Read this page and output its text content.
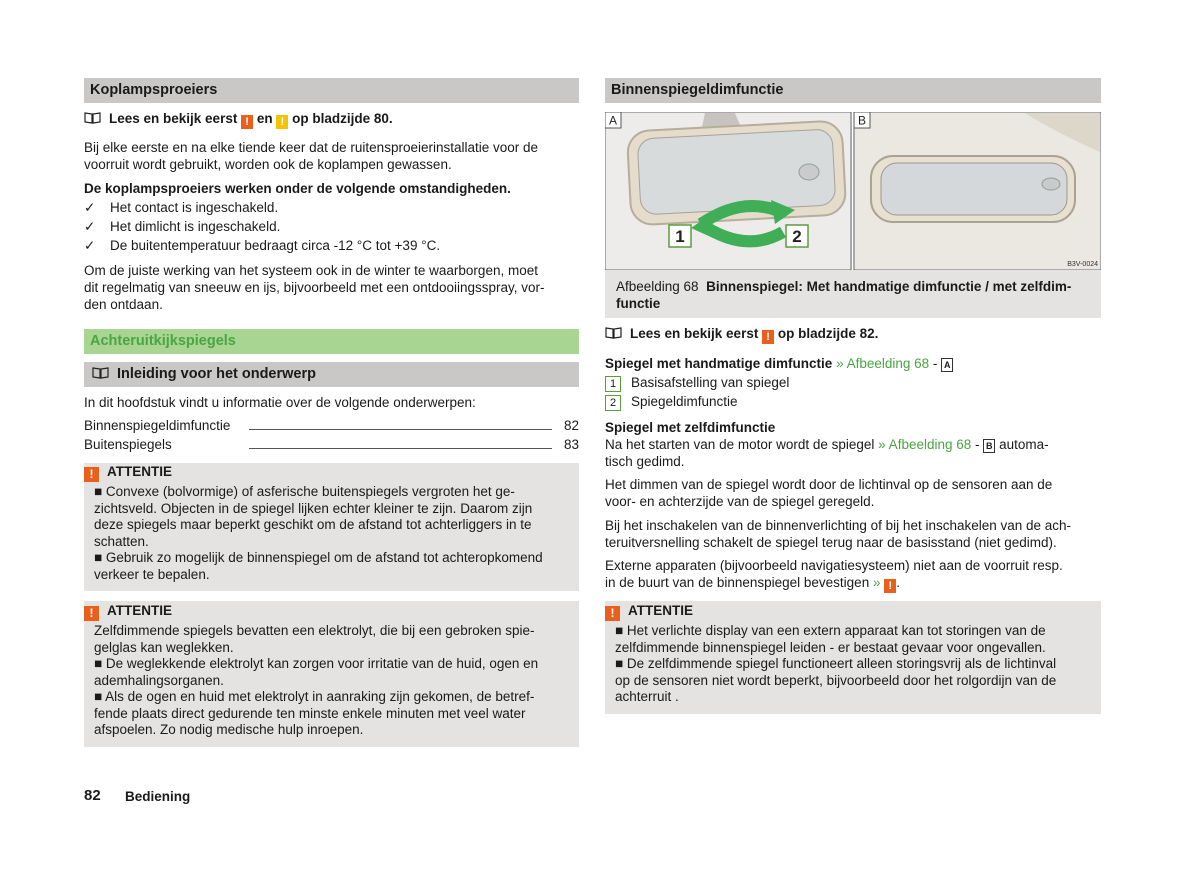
Koplampsproeiers
Lees en bekijk eerst ! en ! op bladzijde 80.
Bij elke eerste en na elke tiende keer dat de ruitensproeierinstallatie voor de
voorruit wordt gebruikt, worden ook de koplampen gewassen.
De koplampsproeiers werken onder de volgende omstandigheden.
✓ Het contact is ingeschakeld.
✓ Het dimlicht is ingeschakeld.
✓ De buitentemperatuur bedraagt circa -12 °C tot +39 °C.
Om de juiste werking van het systeem ook in de winter te waarborgen, moet
dit regelmatig van sneeuw en ijs, bijvoorbeeld met een ontdooiingsspray, vor-
den ontdaan.
Achteruitkijkspiegels
Inleiding voor het onderwerp
In dit hoofdstuk vindt u informatie over de volgende onderwerpen:
Binnenspiegeldimfunctie	82
Buitenspiegels	83
! ATTENTIE
■ Convexe (bolvormige) of asferische buitenspiegels vergroten het ge-
zichtsveld. Objecten in de spiegel lijken echter kleiner te zijn. Daarom zijn
deze spiegels maar beperkt geschikt om de afstand tot achterliggers in te
schatten.
■ Gebruik zo mogelijk de binnenspiegel om de afstand tot achteropkomend
verkeer te bepalen.
! ATTENTIE
Zelfdimmende spiegels bevatten een elektrolyt, die bij een gebroken spie-
gelglas kan weglekken.
■ De weglekkende elektrolyt kan zorgen voor irritatie van de huid, ogen en
ademhalingsorganen.
■ Als de ogen en huid met elektrolyt in aanraking zijn gekomen, de betref-
fende plaats direct gedurende ten minste enkele minuten met veel water
afspoelen. Zo nodig medische hulp inroepen.
Binnenspiegeldimfunctie
A
1	2
B
B3V-0024
Afbeelding 68 Binnenspiegel: Met handmatige dimfunctie / met zelfdim-
functie
Lees en bekijk eerst ! op bladzijde 82.
Spiegel met handmatige dimfunctie » Afbeelding 68 - A
1 Basisafstelling van spiegel
2 Spiegeldimfunctie
Spiegel met zelfdimfunctie
Na het starten van de motor wordt de spiegel » Afbeelding 68 - B automa-
tisch gedimd.
Het dimmen van de spiegel wordt door de lichtinval op de sensoren aan de
voor- en achterzijde van de spiegel geregeld.
Bij het inschakelen van de binnenverlichting of bij het inschakelen van de ach-
teruitversnelling schakelt de spiegel terug naar de basisstand (niet gedimd).
Externe apparaten (bijvoorbeeld navigatiesysteem) niet aan de voorruit resp.
in de buurt van de binnenspiegel bevestigen » ! .
! ATTENTIE
■ Het verlichte display van een extern apparaat kan tot storingen van de
zelfdimmende binnenspiegel leiden - er bestaat gevaar voor ongevallen.
■ De zelfdimmende spiegel functioneert alleen storingsvrij als de lichtinval
op de sensoren niet wordt beperkt, bijvoorbeeld door het rolgordijn van de
achterruit .
82 Bediening
